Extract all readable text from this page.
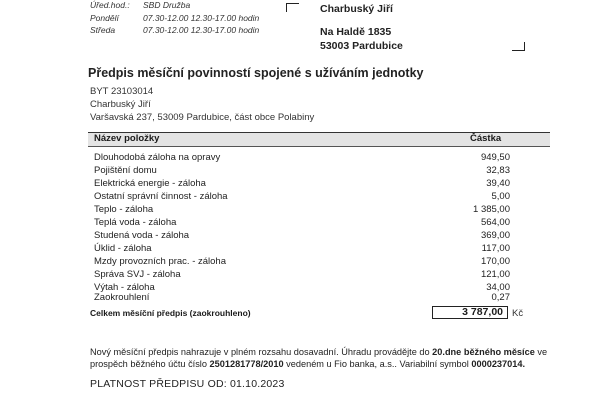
Úřed.hod.: SBD Družba
Pondělí	07.30-12.00 12.30-17.00 hodin
Středa	07.30-12.00 12.30-17.00 hodin
Charbuský Jiří
Na Haldě 1835
53003 Pardubice
Předpis měsíční povinností spojené s užíváním jednotky
BYT 23103014
Charbuský Jiří
Varšavská 237, 53009 Pardubice, část obce Polabiny
Název položky	Částka
Dlouhodobá záloha na opravy	949,50
Pojištění domu	32,83
Elektrická energie - záloha	39,40
Ostatní správní činnost - záloha	5,00
Teplo - záloha	1 385,00
Teplá voda - záloha	564,00
Studená voda - záloha	369,00
Úklid - záloha	117,00
Mzdy provozních prac. - záloha	170,00
Správa SVJ - záloha	121,00
Výtah - záloha	34,00
Zaokrouhlení	0,27
Celkem měsíční předpis (zaokrouhleno)	3 787,00 Kč
Nový měsíční předpis nahrazuje v plném rozsahu dosavadní. Úhradu provádějte do 20.dne běžného měsíce ve
prospěch běžného účtu číslo 2501281778/2010 vedeném u Fio banka, a.s.. Variabilní symbol 0000237014.
PLATNOST PŘEDPISU OD: 01.10.2023
